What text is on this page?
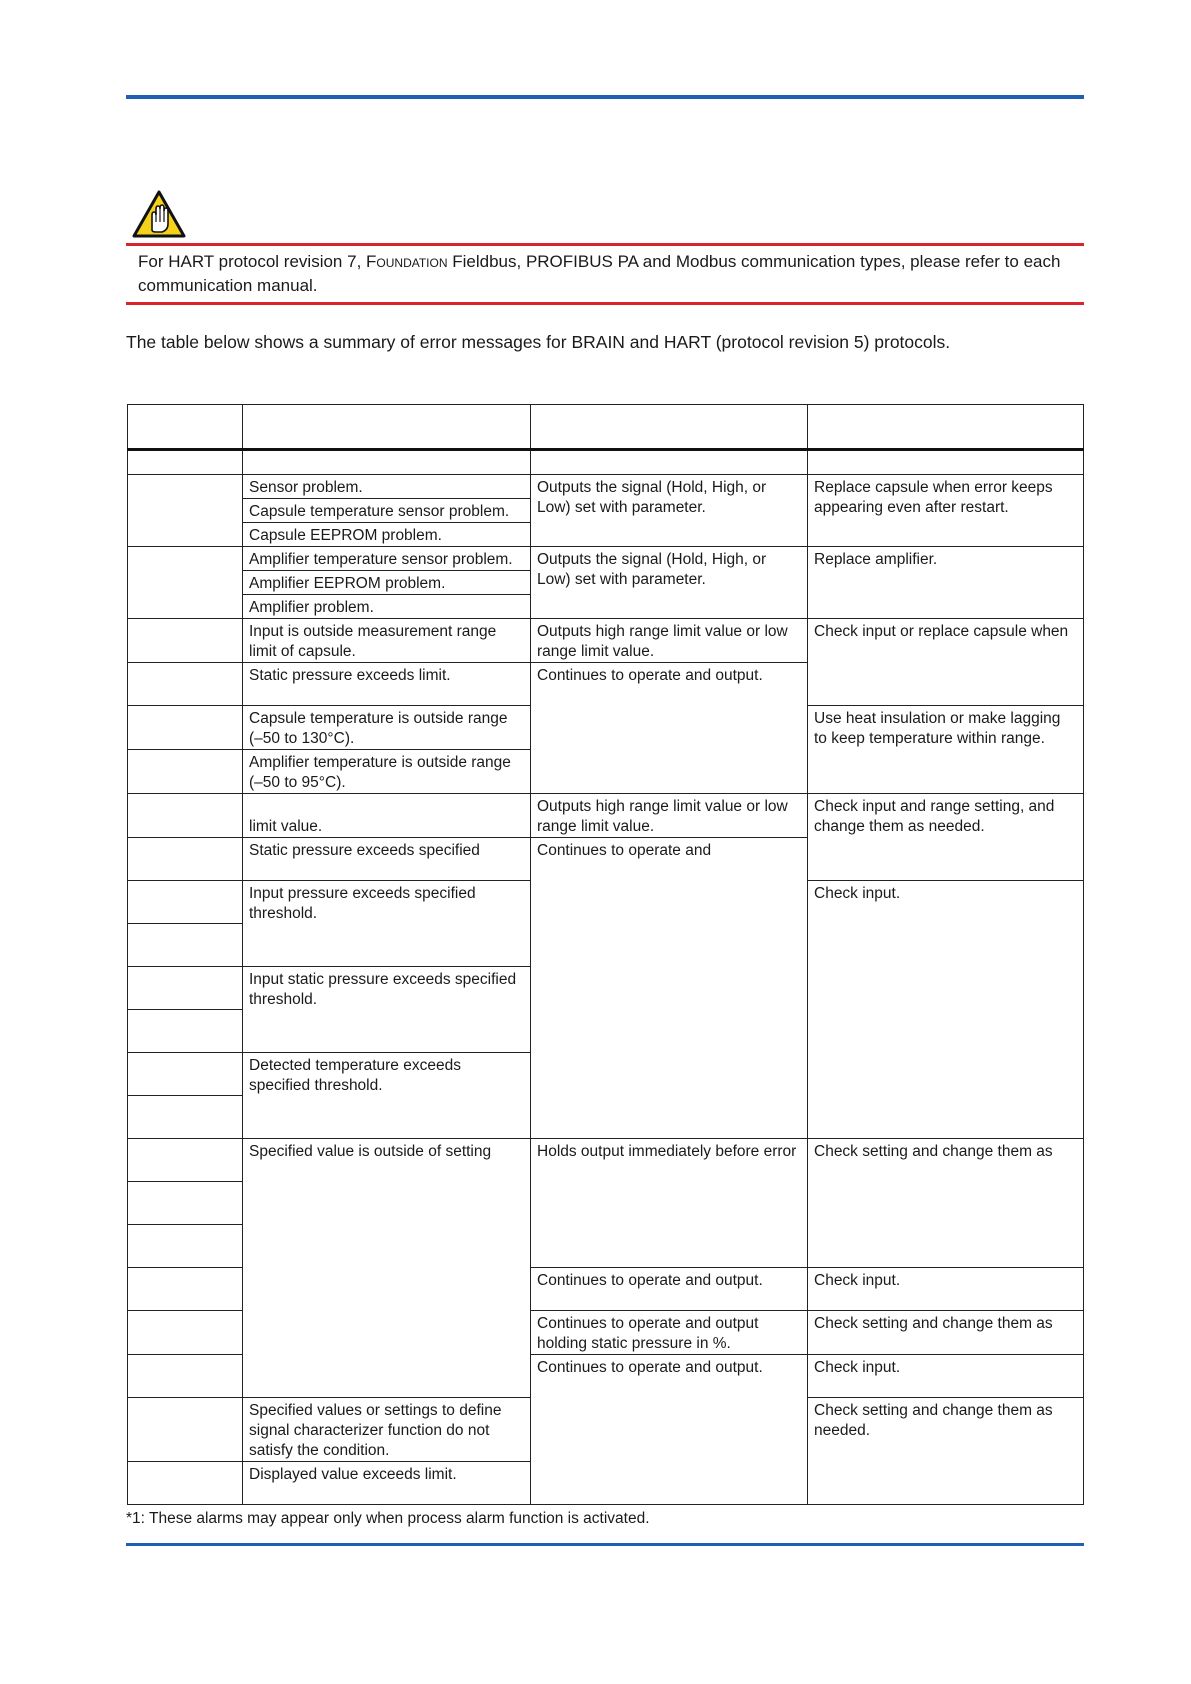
For HART protocol revision 7, Foundation Fieldbus, PROFIBUS PA and Modbus communication types, please refer to each communication manual.
The table below shows a summary of error messages for BRAIN and HART (protocol revision 5) protocols.

	Sensor problem.	Outputs the signal (Hold, High, or Low) set with parameter.	Replace capsule when error keeps appearing even after restart.
	Capsule temperature sensor problem.		
	Capsule EEPROM problem.		
	Amplifier temperature sensor problem.	Outputs the signal (Hold, High, or Low) set with parameter.	Replace amplifier.
	Amplifier EEPROM problem.		
	Amplifier problem.		
	Input is outside measurement range limit of capsule.	Outputs high range limit value or low range limit value.	Check input or replace capsule when
	Static pressure exceeds limit.	Continues to operate and output.	
	Capsule temperature is outside range (–50 to 130°C).		Use heat insulation or make lagging to keep temperature within range.
	Amplifier temperature is outside range (–50 to 95°C).		
	limit value.	Outputs high range limit value or low range limit value.	Check input and range setting, and change them as needed.
	Static pressure exceeds specified	Continues to operate and	
	Input pressure exceeds specified threshold.		Check input.

	Input static pressure exceeds specified threshold.		

	Detected temperature exceeds specified threshold.		

	Specified value is outside of setting	Holds output immediately before error	Check setting and change them as

		Continues to operate and output.	Check input.
		Continues to operate and output holding static pressure in %.	Check setting and change them as
		Continues to operate and output.	Check input.
	Specified values or settings to define signal characterizer function do not satisfy the condition.		Check setting and change them as needed.
	Displayed value exceeds limit.		
*1: These alarms may appear only when process alarm function is activated.
